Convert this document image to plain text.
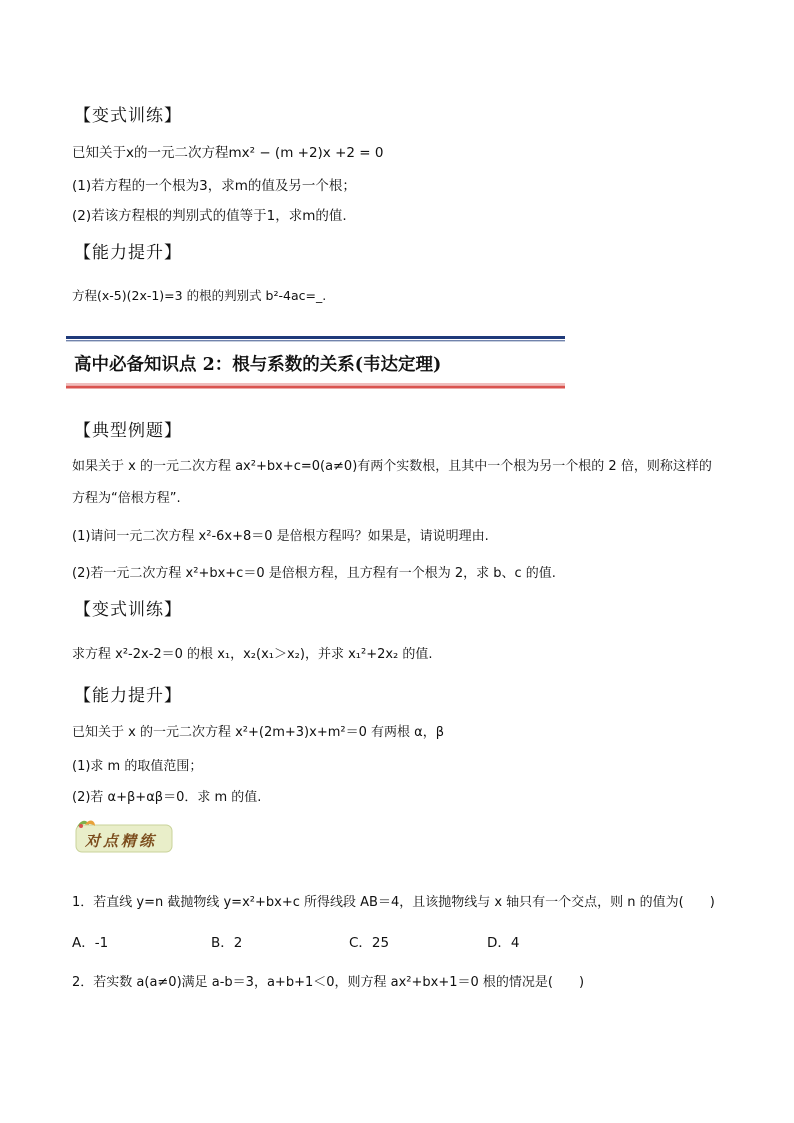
【变式训练】
已知关于x的一元二次方程mx² − (m +2)x +2 = 0
(1)若方程的一个根为3，求m的值及另一个根；
(2)若该方程根的判别式的值等于1，求m的值.
【能力提升】
方程(x-5)(2x-1)=3 的根的判别式 b²-4ac=_.
高中必备知识点 2：根与系数的关系(韦达定理)
【典型例题】
如果关于 x 的一元二次方程 ax²+bx+c=0(a≠0)有两个实数根，且其中一个根为另一个根的 2 倍，则称这样的
方程为“倍根方程”.
(1)请问一元二次方程 x²-6x+8＝0 是倍根方程吗？如果是，请说明理由.
(2)若一元二次方程 x²+bx+c＝0 是倍根方程，且方程有一个根为 2，求 b、c 的值.
【变式训练】
求方程 x²-2x-2＝0 的根 x₁，x₂(x₁＞x₂)，并求 x₁²+2x₂ 的值.
【能力提升】
已知关于 x 的一元二次方程 x²+(2m+3)x+m²＝0 有两根 α，β
(1)求 m 的取值范围；
(2)若 α+β+αβ＝0．求 m 的值.
对点精练
1．若直线 y=n 截抛物线 y=x²+bx+c 所得线段 AB＝4，且该抛物线与 x 轴只有一个交点，则 n 的值为(　　)
A．-1	B．2	C．25	D．4
2．若实数 a(a≠0)满足 a-b＝3，a+b+1＜0，则方程 ax²+bx+1＝0 根的情况是(　　)
